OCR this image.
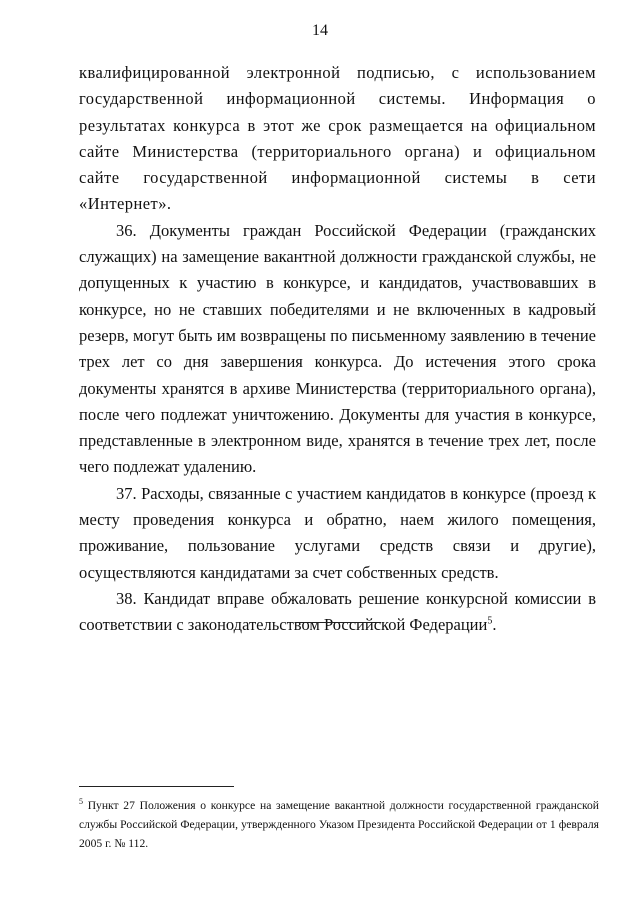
14

квалифицированной электронной подписью, с использованием государственной информационной системы. Информация о результатах конкурса в этот же срок размещается на официальном сайте Министерства (территориального органа) и официальном сайте государственной информационной системы в сети «Интернет».

36. Документы граждан Российской Федерации (гражданских служащих) на замещение вакантной должности гражданской службы, не допущенных к участию в конкурсе, и кандидатов, участвовавших в конкурсе, но не ставших победителями и не включенных в кадровый резерв, могут быть им возвращены по письменному заявлению в течение трех лет со дня завершения конкурса. До истечения этого срока документы хранятся в архиве Министерства (территориального органа), после чего подлежат уничтожению. Документы для участия в конкурсе, представленные в электронном виде, хранятся в течение трех лет, после чего подлежат удалению.

37. Расходы, связанные с участием кандидатов в конкурсе (проезд к месту проведения конкурса и обратно, наем жилого помещения, проживание, пользование услугами средств связи и другие), осуществляются кандидатами за счет собственных средств.

38. Кандидат вправе обжаловать решение конкурсной комиссии в соответствии с законодательством Российской Федерации$^5$.

$^5$ Пункт 27 Положения о конкурсе на замещение вакантной должности государственной гражданской службы Российской Федерации, утвержденного Указом Президента Российской Федерации от 1 февраля 2005 г. № 112.
